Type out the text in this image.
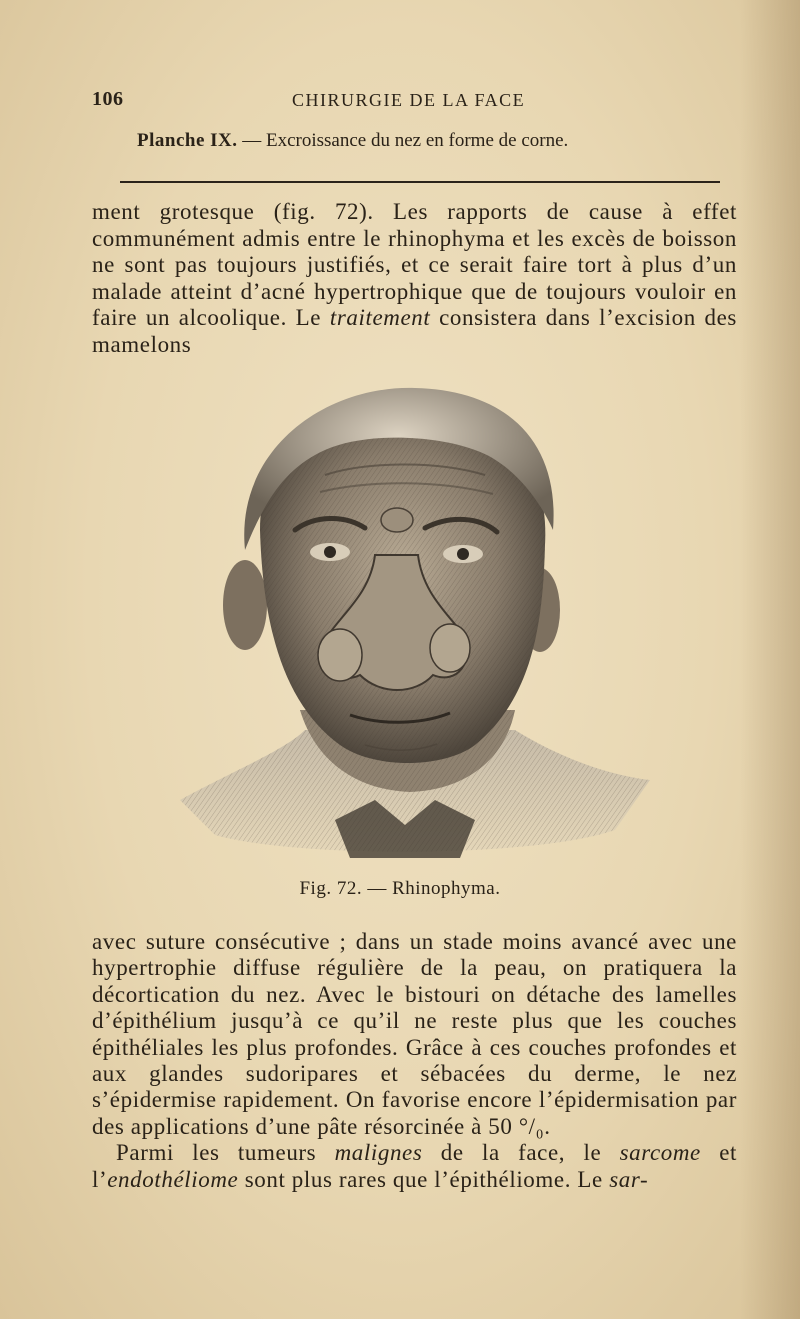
106	CHIRURGIE DE LA FACE
Planche IX. — Excroissance du nez en forme de corne.
ment grotesque (fig. 72). Les rapports de cause à effet communément admis entre le rhinophyma et les excès de boisson ne sont pas toujours justifiés, et ce serait faire tort à plus d’un malade atteint d’acné hypertrophique que de toujours vouloir en faire un alcoolique. Le traitement consistera dans l’excision des mamelons
Fig. 72. — Rhinophyma.
avec suture consécutive ; dans un stade moins avancé avec une hypertrophie diffuse régulière de la peau, on pratiquera la décortication du nez. Avec le bistouri on détache des lamelles d’épithélium jusqu’à ce qu’il ne reste plus que les couches épithéliales les plus profondes. Grâce à ces couches profondes et aux glandes sudoripares et sébacées du derme, le nez s’épidermise rapidement. On favorise encore l’épidermisation par des applications d’une pâte résorcinée à 50 °/₀.
Parmi les tumeurs malignes de la face, le sarcome et l’endothéliome sont plus rares que l’épithéliome. Le sar-
